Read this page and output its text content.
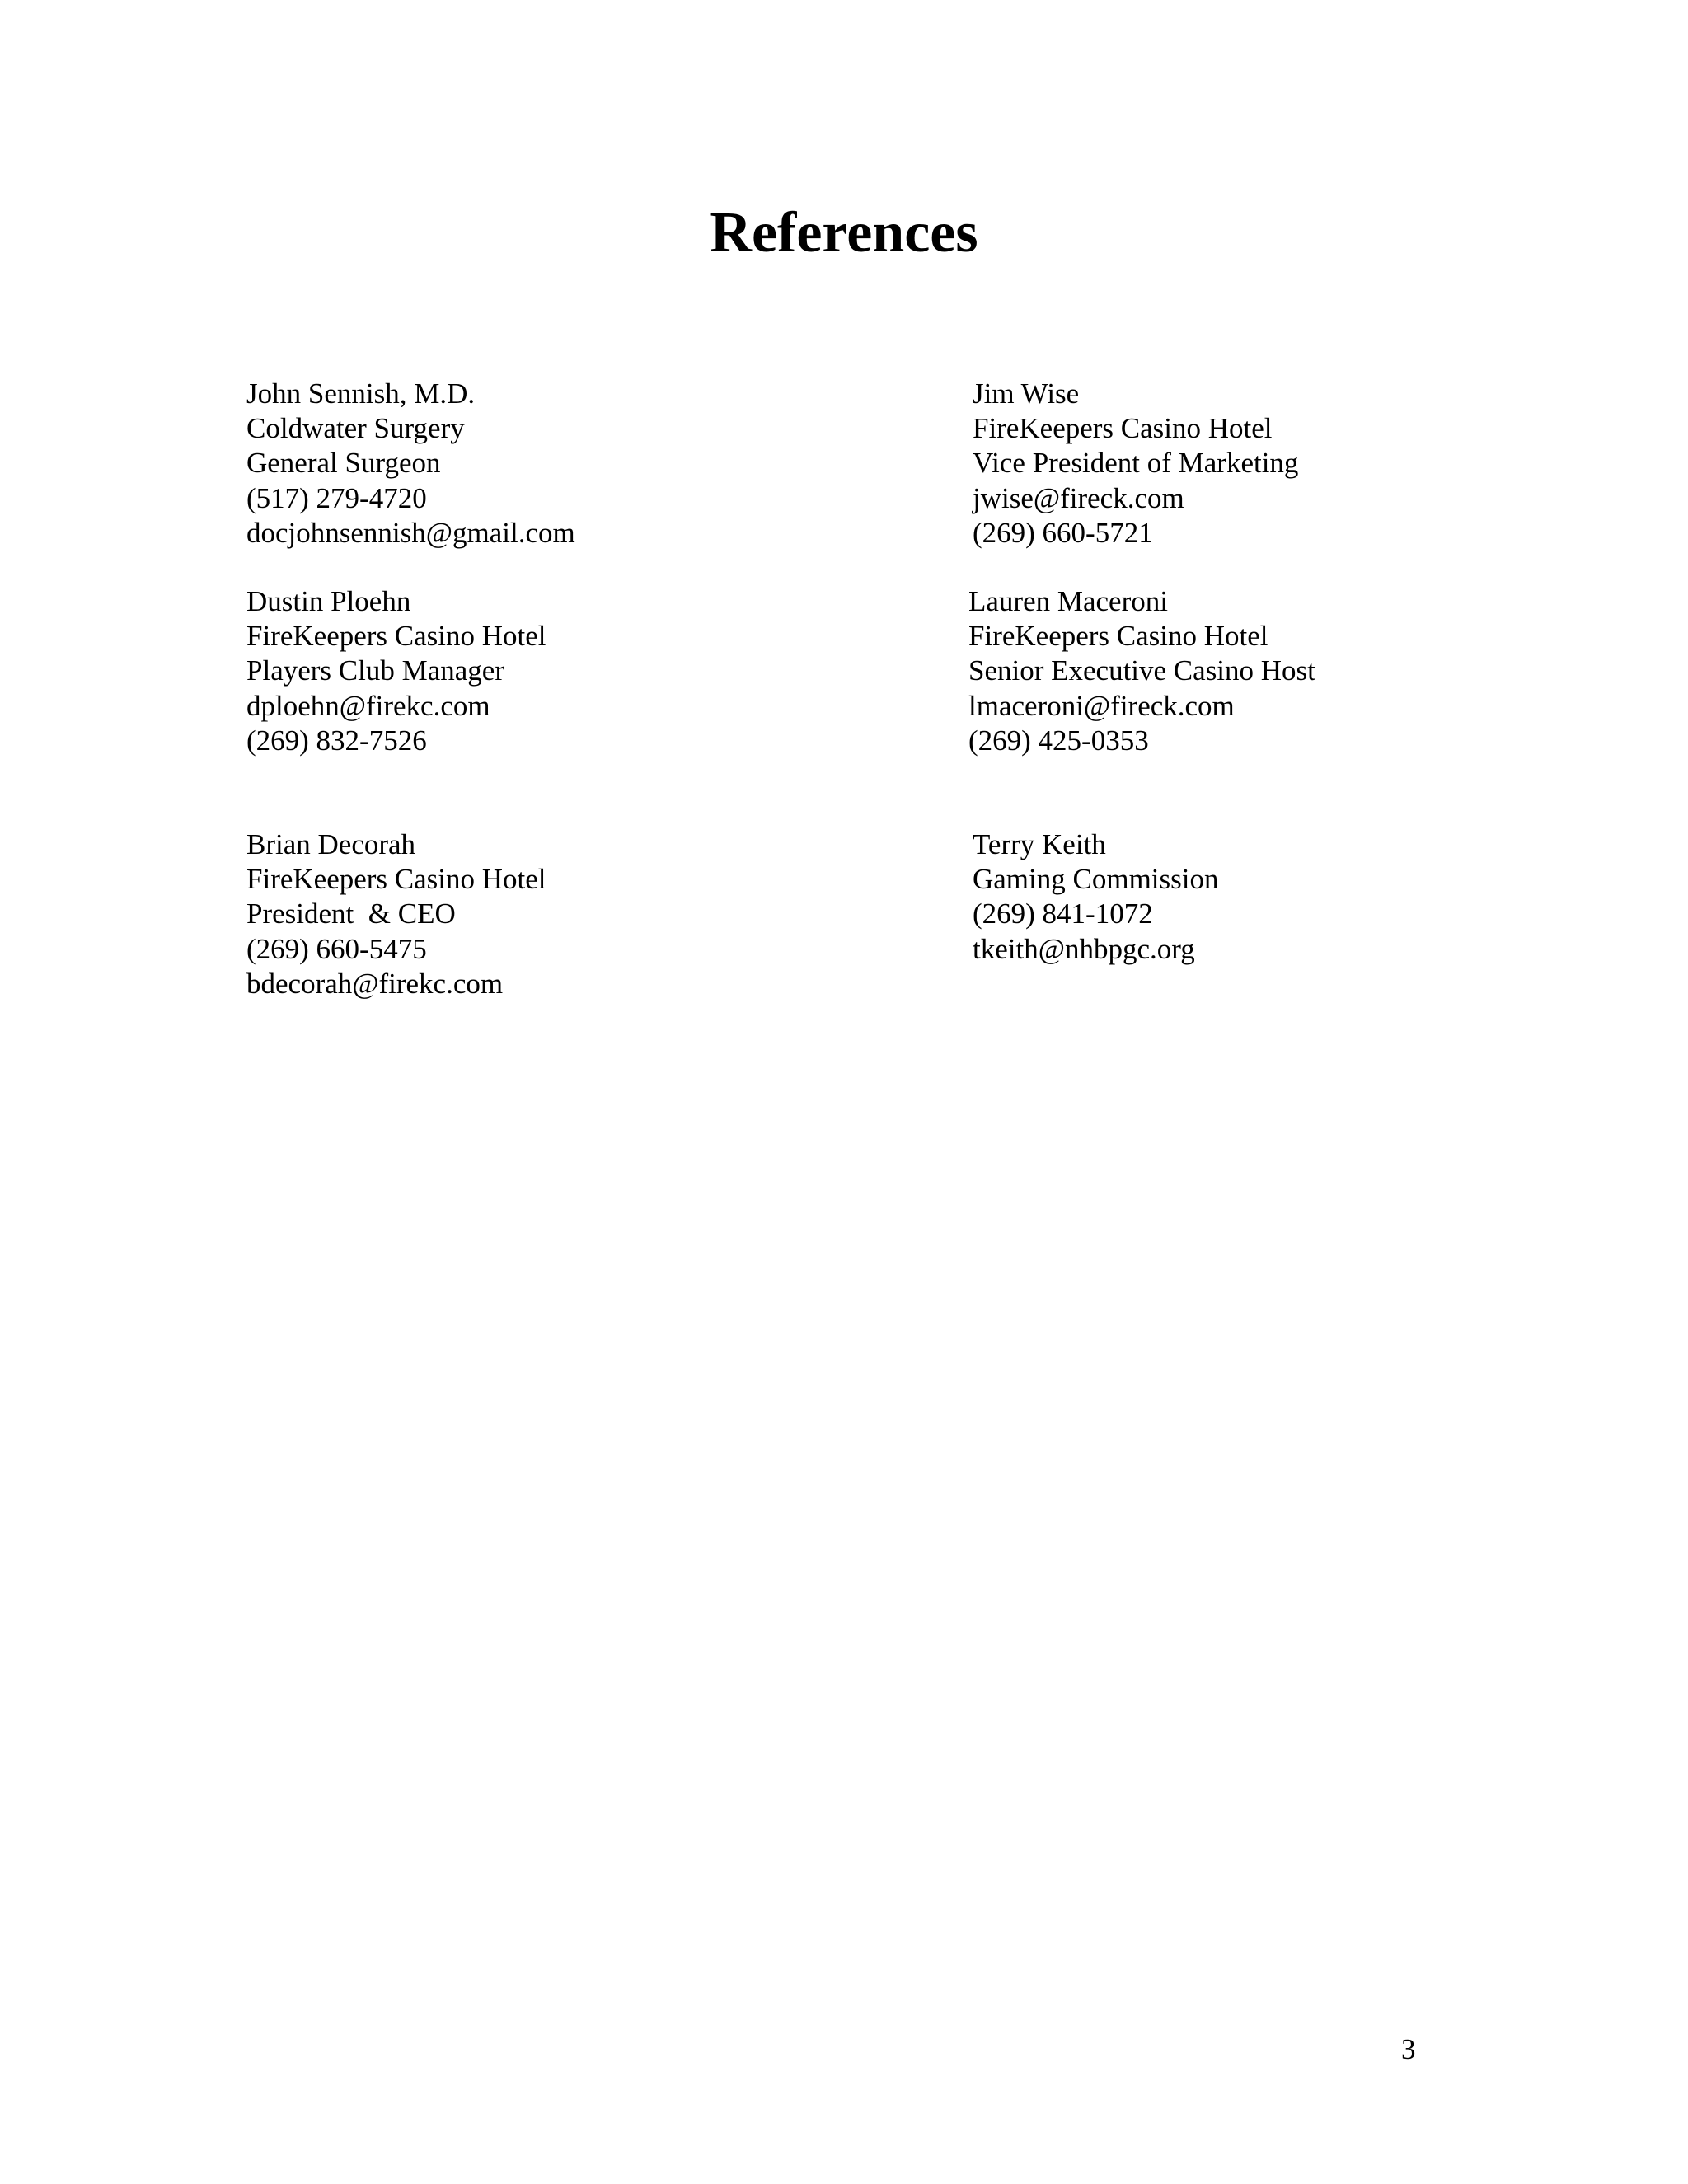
References
John Sennish, M.D.
Coldwater Surgery
General Surgeon
(517) 279-4720
docjohnsennish@gmail.com
Jim Wise
FireKeepers Casino Hotel
Vice President of Marketing
jwise@fireck.com
(269) 660-5721
Dustin Ploehn
FireKeepers Casino Hotel
Players Club Manager
dploehn@firekc.com
(269) 832-7526
Lauren Maceroni
FireKeepers Casino Hotel
Senior Executive Casino Host
lmaceroni@fireck.com
(269) 425-0353
Brian Decorah
FireKeepers Casino Hotel
President  & CEO
(269) 660-5475
bdecorah@firekc.com
Terry Keith
Gaming Commission
(269) 841-1072
tkeith@nhbpgc.org
3
